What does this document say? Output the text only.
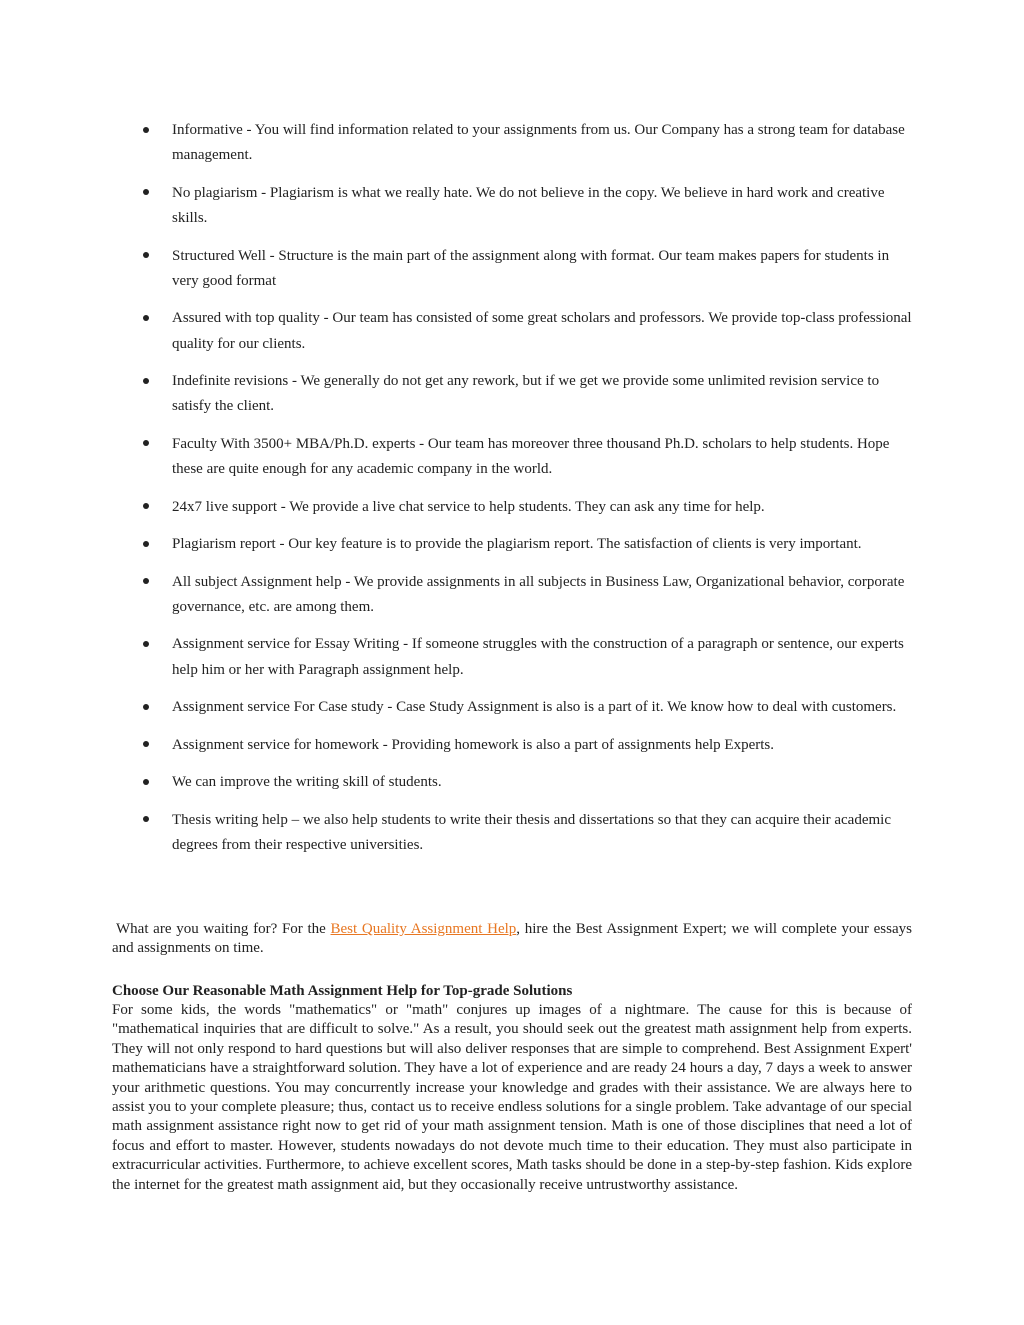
Informative - You will find information related to your assignments from us. Our Company has a strong team for database management.
No plagiarism - Plagiarism is what we really hate. We do not believe in the copy. We believe in hard work and creative skills.
Structured Well - Structure is the main part of the assignment along with format. Our team makes papers for students in very good format
Assured with top quality - Our team has consisted of some great scholars and professors. We provide top-class professional quality for our clients.
Indefinite revisions - We generally do not get any rework, but if we get we provide some unlimited revision service to satisfy the client.
Faculty With 3500+ MBA/Ph.D. experts - Our team has moreover three thousand Ph.D. scholars to help students. Hope these are quite enough for any academic company in the world.
24x7 live support - We provide a live chat service to help students. They can ask any time for help.
Plagiarism report - Our key feature is to provide the plagiarism report. The satisfaction of clients is very important.
All subject Assignment help - We provide assignments in all subjects in Business Law, Organizational behavior, corporate governance, etc. are among them.
Assignment service for Essay Writing - If someone struggles with the construction of a paragraph or sentence, our experts help him or her with Paragraph assignment help.
Assignment service For Case study - Case Study Assignment is also is a part of it. We know how to deal with customers.
Assignment service for homework - Providing homework is also a part of assignments help Experts.
We can improve the writing skill of students.
Thesis writing help – we also help students to write their thesis and dissertations so that they can acquire their academic degrees from their respective universities.

What are you waiting for? For the Best Quality Assignment Help, hire the Best Assignment Expert; we will complete your essays and assignments on time.

Choose Our Reasonable Math Assignment Help for Top-grade Solutions

For some kids, the words "mathematics" or "math" conjures up images of a nightmare. The cause for this is because of "mathematical inquiries that are difficult to solve." As a result, you should seek out the greatest math assignment help from experts. They will not only respond to hard questions but will also deliver responses that are simple to comprehend. Best Assignment Expert' mathematicians have a straightforward solution. They have a lot of experience and are ready 24 hours a day, 7 days a week to answer your arithmetic questions. You may concurrently increase your knowledge and grades with their assistance. We are always here to assist you to your complete pleasure; thus, contact us to receive endless solutions for a single problem. Take advantage of our special math assignment assistance right now to get rid of your math assignment tension. Math is one of those disciplines that need a lot of focus and effort to master. However, students nowadays do not devote much time to their education. They must also participate in extracurricular activities. Furthermore, to achieve excellent scores, Math tasks should be done in a step-by-step fashion. Kids explore the internet for the greatest math assignment aid, but they occasionally receive untrustworthy assistance.
